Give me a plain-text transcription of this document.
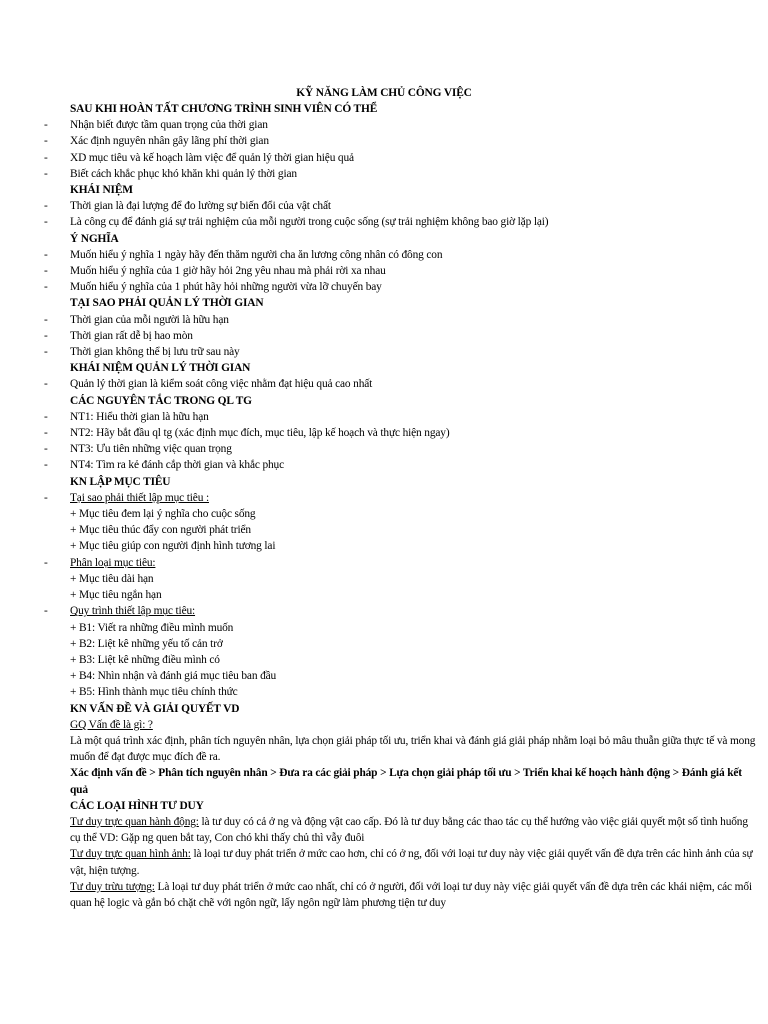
KỸ NĂNG LÀM CHỦ CÔNG VIỆC
SAU KHI HOÀN TẤT CHƯƠNG TRÌNH SINH VIÊN CÓ THỂ
- Nhận biết được tầm quan trọng của thời gian
- Xác định nguyên nhân gây lãng phí thời gian
- XD mục tiêu và kế hoạch làm việc để quản lý thời gian hiệu quả
- Biết cách khắc phục khó khăn khi quản lý thời gian
KHÁI NIỆM
- Thời gian là đại lượng để đo lường sự biến đổi của vật chất
- Là công cụ để đánh giá sự trải nghiệm của mỗi người trong cuộc sống (sự trải nghiệm không bao giờ lặp lại)
Ý NGHĨA
- Muốn hiểu ý nghĩa 1 ngày hãy đến thăm người cha ăn lương công nhân có đông con
- Muốn hiểu ý nghĩa của 1 giờ hãy hỏi 2ng yêu nhau mà phải rời xa nhau
- Muốn hiểu ý nghĩa của 1 phút hãy hỏi những người vừa lỡ chuyến bay
TẠI SAO PHẢI QUẢN LÝ THỜI GIAN
- Thời gian của mỗi người là hữu hạn
- Thời gian rất dễ bị hao mòn
- Thời gian không thể bị lưu trữ sau này
KHÁI NIỆM QUẢN LÝ THỜI GIAN
- Quản lý thời gian là kiểm soát công việc nhằm đạt hiệu quả cao nhất
CÁC NGUYÊN TẮC TRONG QL TG
- NT1: Hiểu thời gian là hữu hạn
- NT2: Hãy bắt đầu ql tg (xác định mục đích, mục tiêu, lập kế hoạch và thực hiện ngay)
- NT3: Ưu tiên những việc quan trọng
- NT4: Tìm ra kẻ đánh cắp thời gian và khắc phục
KN LẬP MỤC TIÊU
- Tại sao phải thiết lập mục tiêu :
+ Mục tiêu đem lại ý nghĩa cho cuộc sống
+ Mục tiêu thúc đẩy con người phát triển
+ Mục tiêu giúp con người định hình tương lai
- Phân loại mục tiêu:
+ Mục tiêu dài hạn
+ Mục tiêu ngắn hạn
- Quy trình thiết lập mục tiêu:
+ B1: Viết ra những điều mình muốn
+ B2: Liệt kê những yếu tố cản trở
+ B3: Liệt kê những điều mình có
+ B4: Nhìn nhận và đánh giá mục tiêu ban đầu
+ B5: Hình thành mục tiêu chính thức
KN VẤN ĐỀ VÀ GIẢI QUYẾT VD
GQ Vấn đề là gì: ?
Là một quá trình xác định, phân tích nguyên nhân, lựa chọn giải pháp tối ưu, triển khai và đánh giá giải pháp nhằm loại bỏ mâu thuẫn giữa thực tế và mong muốn để đạt được mục đích đề ra.
Xác định vấn đề > Phân tích nguyên nhân > Đưa ra các giải pháp > Lựa chọn giải pháp tối ưu > Triển khai kế hoạch hành động > Đánh giá kết quả
CÁC LOẠI HÌNH TƯ DUY
Tư duy trực quan hành động: là tư duy có cả ở ng và động vật cao cấp. Đó là tư duy bằng các thao tác cụ thể hướng vào việc giải quyết một số tình huống cụ thể VD: Gặp ng quen bắt tay, Con chó khi thấy chủ thì vẫy đuôi
Tư duy trực quan hình ảnh: là loại tư duy phát triển ở mức cao hơn, chỉ có ở ng, đối với loại tư duy này việc giải quyết vấn đề dựa trên các hình ảnh của sự vật, hiện tượng.
Tư duy trừu tượng: Là loại tư duy phát triển ở mức cao nhất, chỉ có ở người, đối với loại tư duy này việc giải quyết vấn đề dựa trên các khái niệm, các mối quan hệ logic và gắn bó chặt chẽ với ngôn ngữ, lấy ngôn ngữ làm phương tiện tư duy
